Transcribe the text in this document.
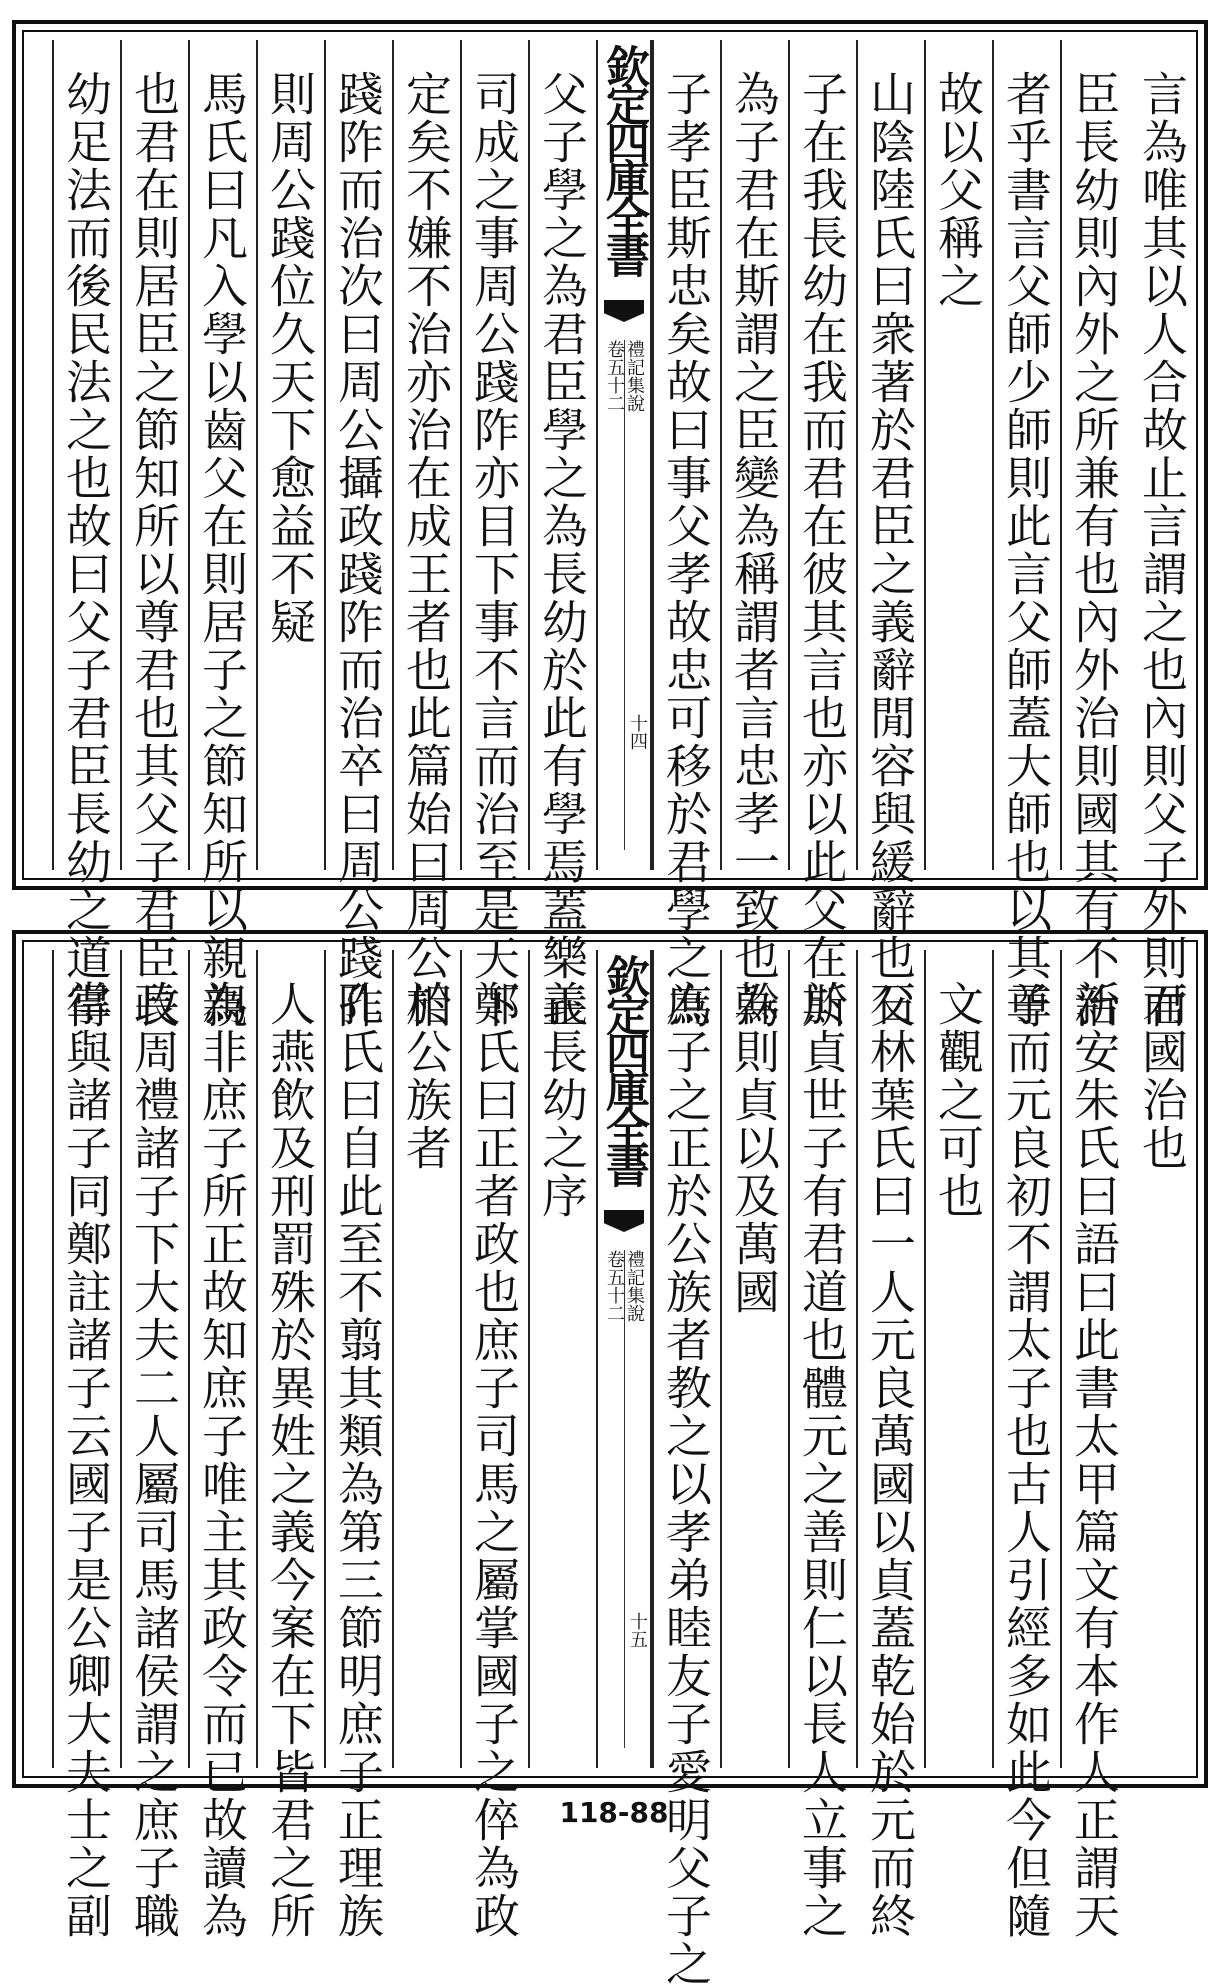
言為唯其以人合故止言謂之也內則父子外則君
臣長幼則內外之所兼有也內外治則國其有不治
者乎書言父師少師則此言父師蓋大師也以其尊
故以父稱之
山陰陸氏曰衆著於君臣之義辭閒容與緩辭也父
子在我長幼在我而君在彼其言也亦以此父在斯
為子君在斯謂之臣變為稱謂者言忠孝一致也為
子孝臣斯忠矣故曰事父孝故忠可移於君學之為
欽定四庫全書
禮記集說
卷五十二
十四
父子學之為君臣學之為長幼於此有學焉蓋樂正
司成之事周公踐阼亦目下事不言而治至是天下
定矣不嫌不治亦治在成王者也此篇始曰周公相
踐阼而治次曰周公攝政踐阼而治卒曰周公踐阼
則周公踐位久天下愈益不疑
馬氏曰凡入學以齒父在則居子之節知所以親親
也君在則居臣之節知所以尊君也其父子君臣長
幼足法而後民法之也故曰父子君臣長幼之道得
而國治也
新安朱氏曰語曰此書太甲篇文有本作人正謂天
子而元良初不謂太子也古人引經多如此今但隨
文觀之可也
石林葉氏曰一人元良萬國以貞蓋乾始於元而終
於貞世子有君道也體元之善則仁以長人立事之
榦則貞以及萬國
庶子之正於公族者教之以孝弟睦友子愛明父子之
欽定四庫全書
禮記集說
卷五十二
十五
義長幼之序
鄭氏曰正者政也庶子司馬之屬掌國子之倅為政
於公族者
孔氏曰自此至不翦其類為第三節明庶子正理族
人燕飲及刑罰殊於異姓之義今案在下皆君之所
為非庶子所正故知庶子唯主其政令而已故讀為
政周禮諸子下大夫二人屬司馬諸侯謂之庶子職
掌與諸子同鄭註諸子云國子是公卿大夫士之副	118-88
